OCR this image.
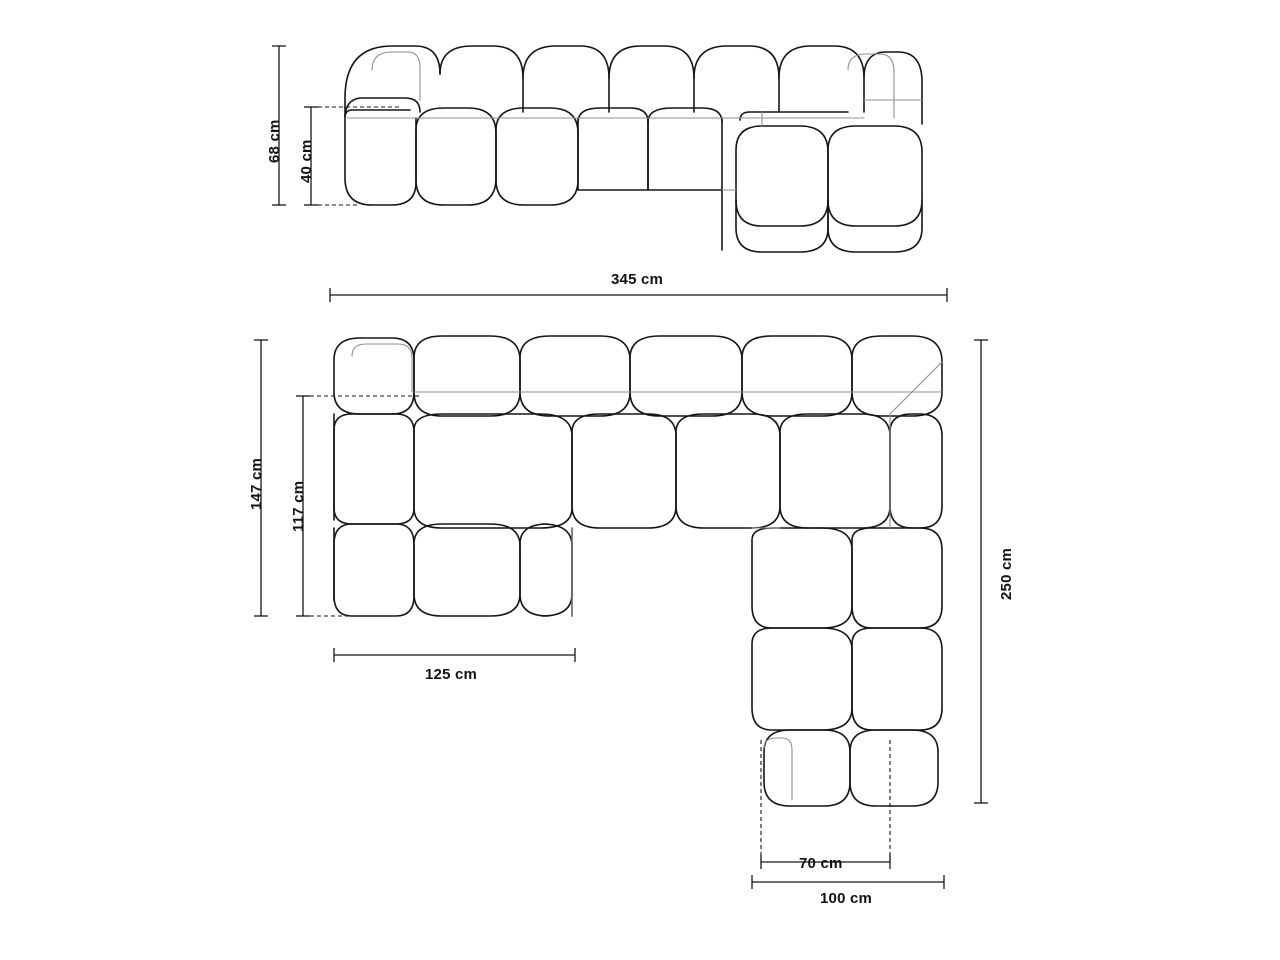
68 cm 40 cm
345 cm
147 cm 117 cm
250 cm
125 cm
70 cm
100 cm
